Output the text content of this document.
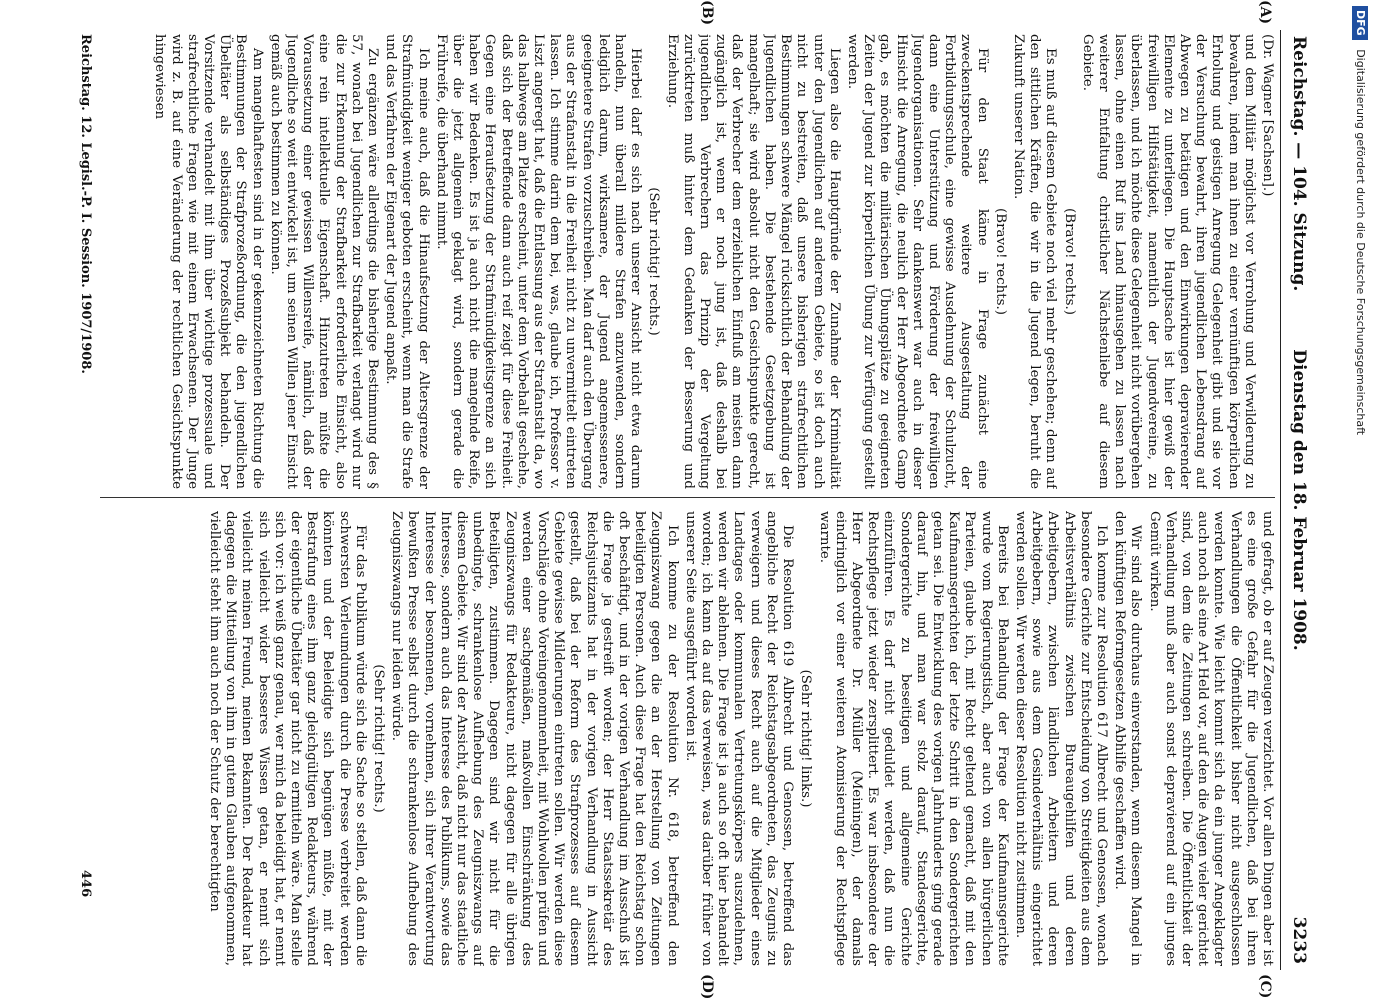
Reichstag. — 104. Sitzung.
Dienstag den 18. Februar 1908.
3233
(A)
(B)
(C)
(D)

(Dr. Wagner [Sachsen].)

und dem Militär möglichst vor Verrohung und Verwilderung zu bewahren, indem man ihnen zu einer vernünftigen körperlichen Erholung und geistigen Anregung Gelegenheit gibt und sie vor der Versuchung bewahrt, ihren jugendlichen Lebensdrang auf Abwegen zu betätigen und den Einwirkungen depravierender Elemente zu unterliegen. Die Hauptsache ist hier gewiß der freiwilligen Hilfstätigkeit, namentlich der Jugendvereine, zu überlassen, und ich möchte diese Gelegenheit nicht vorübergehen lassen, ohne einen Ruf ins Land hinausgehen zu lassen nach weiterer Entfaltung christlicher Nächstenliebe auf diesem Gebiete.

(Bravo! rechts.)

Es muß auf diesem Gebiete noch viel mehr geschehen; denn auf den sittlichen Kräften, die wir in die Jugend legen, beruht die Zukunft unserer Nation.

(Bravo! rechts.)

Für den Staat käme in Frage zunächst eine zweckentsprechende weitere Ausgestaltung der Fortbildungsschule, eine gewisse Ausdehnung der Schulzucht, dann eine Unterstützung und Förderung der freiwilligen Jugendorganisationen. Sehr dankenswert war auch in dieser Hinsicht die Anregung, die neulich der Herr Abgeordnete Gamp gab, es möchten die militärischen Übungsplätze zu geeigneten Zeiten der Jugend zur körperlichen Übung zur Verfügung gestellt werden.

Liegen also die Hauptgründe der Zunahme der Kriminalität unter den Jugendlichen auf anderem Gebiete, so ist doch auch nicht zu bestreiten, daß unsere bisherigen strafrechtlichen Bestimmungen schwere Mängel rücksichtlich der Behandlung der Jugendlichen haben. Die bestehende Gesetzgebung ist mangelhaft; sie wird absolut nicht den Gesichtspunkte gerecht, daß der Verbrecher dem erziehlichen Einfluß am meisten dann zugänglich ist, wenn er noch jung ist, daß deshalb bei jugendlichen Verbrechern das Prinzip der Vergeltung zurücktreten muß hinter dem Gedanken der Besserung und Erziehung.

(Sehr richtig! rechts.)

Hierbei darf es sich nach unserer Ansicht nicht etwa darum handeln, nun überall mildere Strafen anzuwenden, sondern lediglich darum, wirksamere, der Jugend angemessenere, geeignetere Strafen vorzuschreiben. Man darf auch den Übergang aus der Strafanstalt in die Freiheit nicht zu unvermittelt eintreten lassen. Ich stimme darin dem bei, was, glaube ich, Professor v. Liszt angeregt hat, daß die Entlassung aus der Strafanstalt da, wo das halbwegs am Platze erscheint, unter dem Vorbehalt geschehe, daß sich der Betreffende dann auch reif zeigt für diese Freiheit. Gegen eine Heraufsetzung der Strafmündigkeitsgrenze an sich haben wir Bedenken. Es ist ja auch nicht die mangelnde Reife, über die jetzt allgemein geklagt wird, sondern gerade die Frühreife, die überhand nimmt.

Ich meine auch, daß die Hinaufsetzung der Altersgrenze der Strafmündigkeit weniger geboten erscheint, wenn man die Strafe und das Verfahren der Eigenart der Jugend anpaßt.

Zu ergänzen wäre allerdings die bisherige Bestimmung des § 57, wonach bei Jugendlichen zur Strafbarkeit verlangt wird nur die zur Erkennung der Strafbarkeit erforderliche Einsicht, also eine rein intellektuelle Eigenschaft. Hinzutreten müßte die Voraussetzung einer gewissen Willensreife, nämlich, daß der Jugendliche so weit entwickelt ist, um seinen Willen jener Einsicht gemäß auch bestimmen zu können.

Am mangelhaftesten sind in der gekennzeichneten Richtung die Bestimmungen der Strafprozeßordnung, die den jugendlichen Übeltäter als selbständiges Prozeßsubjekt behandeln. Der Vorsitzende verhandelt mit ihm über wichtige prozessuale und strafrechtliche Fragen wie mit einem Erwachsenen. Der Junge wird z. B. auf eine Veränderung der rechtlichen Gesichtspunkte hingewiesen

und gefragt, ob er auf Zeugen verzichtet. Vor allen Dingen aber ist es eine große Gefahr für die Jugendlichen, daß bei ihren Verhandlungen die Öffentlichkeit bisher nicht ausgeschlossen werden konnte. Wie leicht kommt sich da ein junger Angeklagter auch noch als eine Art Held vor, auf den die Augen vieler gerichtet sind, von dem die Zeitungen schreiben. Die Öffentlichkeit der Verhandlung muß aber auch sonst depravierend auf ein junges Gemüt wirken.

Wir sind also durchaus einverstanden, wenn diesem Mangel in den künftigen Reformgesetzen Abhilfe geschaffen wird.

Ich komme zur Resolution 617 Albrecht und Genossen, wonach besondere Gerichte zur Entscheidung von Streitigkeiten aus dem Arbeitsverhältnis zwischen Bureaugehilfen und deren Arbeitgebern, zwischen ländlichen Arbeitern und deren Arbeitgebern, sowie aus dem Gesindeverhältnis eingerichtet werden sollen. Wir werden dieser Resolution nicht zustimmen.

Bereits bei Behandlung der Frage der Kaufmannsgerichte wurde vom Regierungstisch, aber auch von allen bürgerlichen Parteien, glaube ich, mit Recht geltend gemacht, daß mit den Kaufmannsgerichten der letzte Schritt in den Sondergerichten getan sei. Die Entwicklung des vorigen Jahrhunderts ging gerade darauf hin, und man war stolz darauf, Standesgerichte, Sondergerichte zu beseitigen und allgemeine Gerichte einzuführen. Es darf nicht geduldet werden, daß nun die Rechtspflege jetzt wieder zersplittert. Es war insbesondere der Herr Abgeordnete Dr. Müller (Meiningen), der damals eindringlich vor einer weiteren Atomisierung der Rechtspflege warnte.

(Sehr richtig! links.)

Die Resolution 619 Albrecht und Genossen, betreffend das angebliche Recht der Reichstagsabgeordneten, das Zeugnis zu verweigern und dieses Recht auch auf die Mitglieder eines Landtages oder kommunalen Vertretungskörpers auszudehnen, werden wir ablehnen. Die Frage ist ja auch so oft hier behandelt worden; ich kann da auf das verweisen, was darüber früher von unserer Seite ausgeführt worden ist.

Ich komme zu der Resolution Nr. 618, betreffend den Zeugniszwang gegen die an der Herstellung von Zeitungen beteiligten Personen. Auch diese Frage hat den Reichstag schon oft beschäftigt, und in der vorigen Verhandlung im Ausschuß ist die Frage ja gestreift worden; der Herr Staatssekretär des Reichsjustizamts hat in der vorigen Verhandlung in Aussicht gestellt, daß bei der Reform des Strafprozesses auf diesem Gebiete gewisse Milderungen eintreten sollen. Wir werden diese Vorschläge ohne Voreingenommenheit, mit Wohlwollen prüfen und werden einer sachgemäßen, maßvollen Einschränkung des Zeugniszwangs für Redakteure, nicht dagegen für alle übrigen Beteiligten, zustimmen. Dagegen sind wir nicht für die unbedingte, schrankenlose Aufhebung des Zeugniszwangs auf diesem Gebiete. Wir sind der Ansicht, daß nicht nur das staatliche Interesse, sondern auch das Interesse des Publikums, sowie das Interesse der besonnenen, vornehmen, sich ihrer Verantwortung bewußten Presse selbst durch die schrankenlose Aufhebung des Zeugniszwangs nur leiden würde.

(Sehr richtig! rechts.)

Für das Publikum würde sich die Sache so stellen, daß dann die schwersten Verleumdungen durch die Presse verbreitet werden könnten und der Beleidigte sich begnügen müßte, mit der Bestrafung eines ihm ganz gleichgültigen Redakteurs, während der eigentliche Übeltäter gar nicht zu ermitteln wäre. Man stelle sich vor: ich weiß ganz genau, wer mich da beleidigt hat, er nennt sich vielleicht wider besseres Wissen getan, er nennt sich vielleicht meinen Freund, meinen Bekannten. Der Redakteur hat dagegen die Mitteilung von ihm in gutem Glauben aufgenommen, vielleicht steht ihm auch noch der Schutz der berechtigten

Reichstag. 12. Legisl.-P. I. Session. 1907/1908.
446
DFG Digitalisierung gefördert durch die Deutsche Forschungsgemeinschaft
